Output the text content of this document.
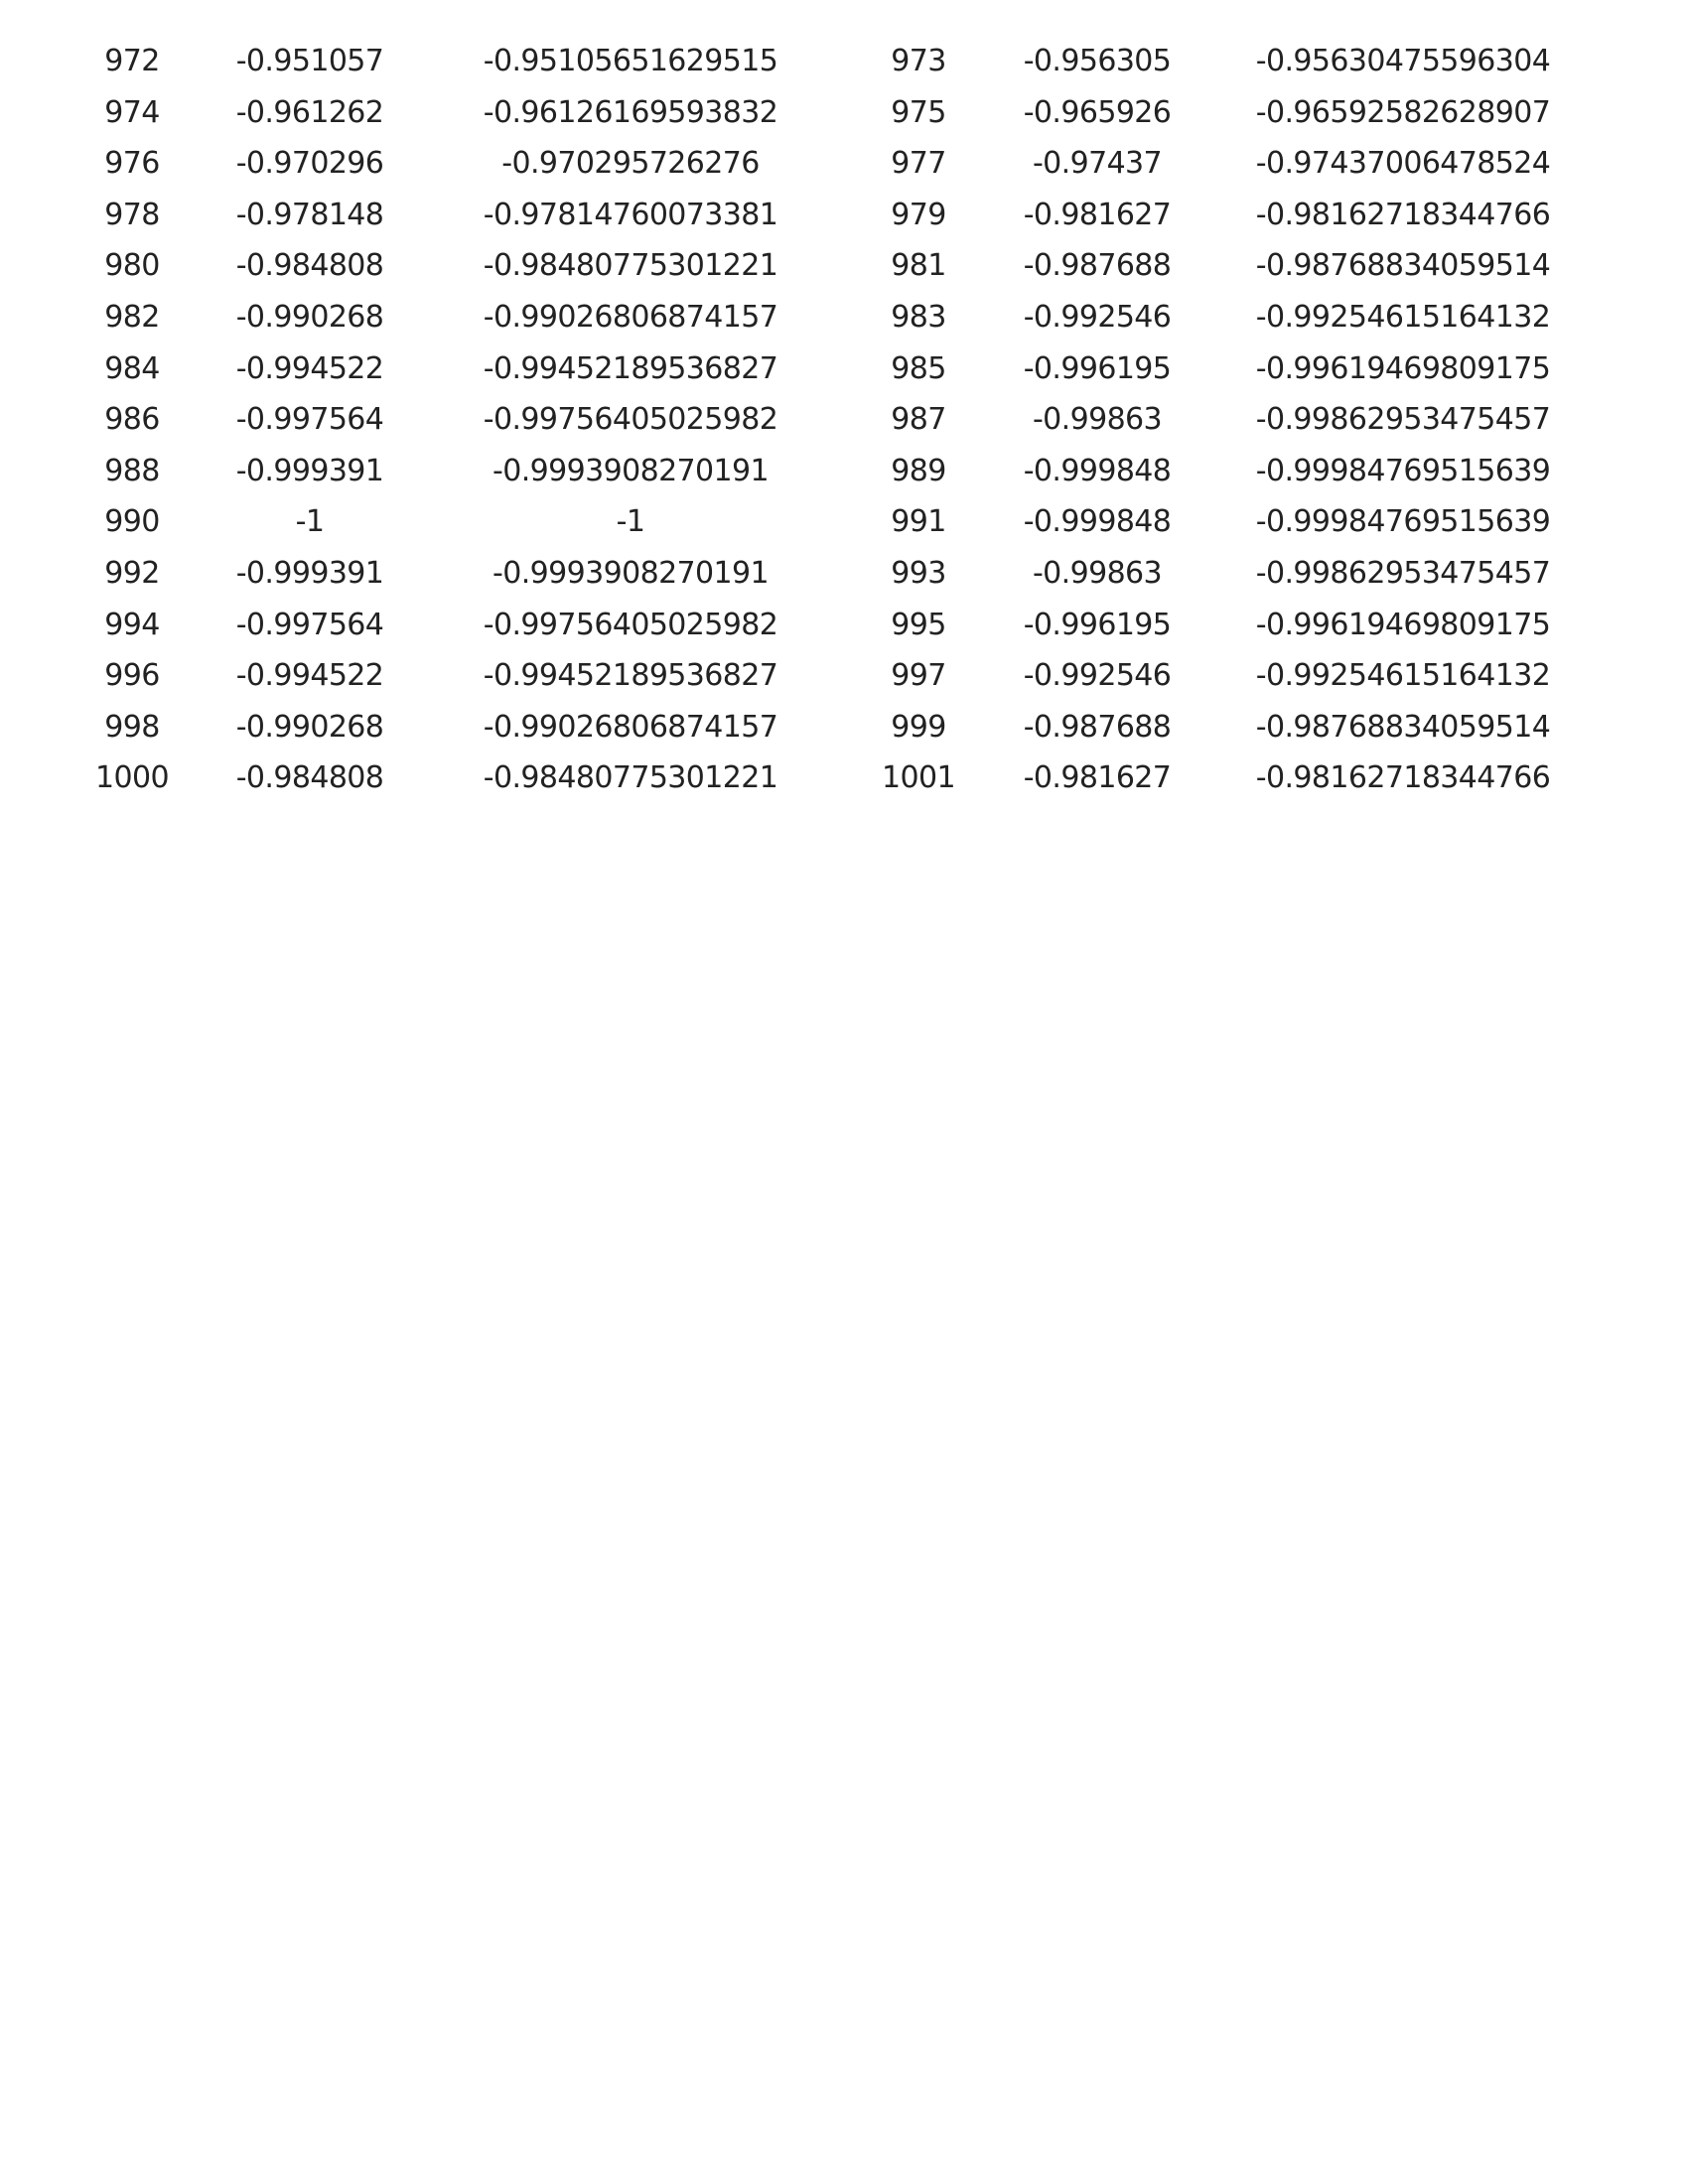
972	-0.951057	-0.95105651629515	973	-0.956305	-0.95630475596304
974	-0.961262	-0.96126169593832	975	-0.965926	-0.96592582628907
976	-0.970296	-0.970295726276	977	-0.97437	-0.97437006478524
978	-0.978148	-0.97814760073381	979	-0.981627	-0.98162718344766
980	-0.984808	-0.98480775301221	981	-0.987688	-0.98768834059514
982	-0.990268	-0.99026806874157	983	-0.992546	-0.99254615164132
984	-0.994522	-0.99452189536827	985	-0.996195	-0.99619469809175
986	-0.997564	-0.99756405025982	987	-0.99863	-0.99862953475457
988	-0.999391	-0.9993908270191	989	-0.999848	-0.99984769515639
990	-1	-1	991	-0.999848	-0.99984769515639
992	-0.999391	-0.9993908270191	993	-0.99863	-0.99862953475457
994	-0.997564	-0.99756405025982	995	-0.996195	-0.99619469809175
996	-0.994522	-0.99452189536827	997	-0.992546	-0.99254615164132
998	-0.990268	-0.99026806874157	999	-0.987688	-0.98768834059514
1000 -0.984808	-0.98480775301221	1001 -0.981627	-0.98162718344766
